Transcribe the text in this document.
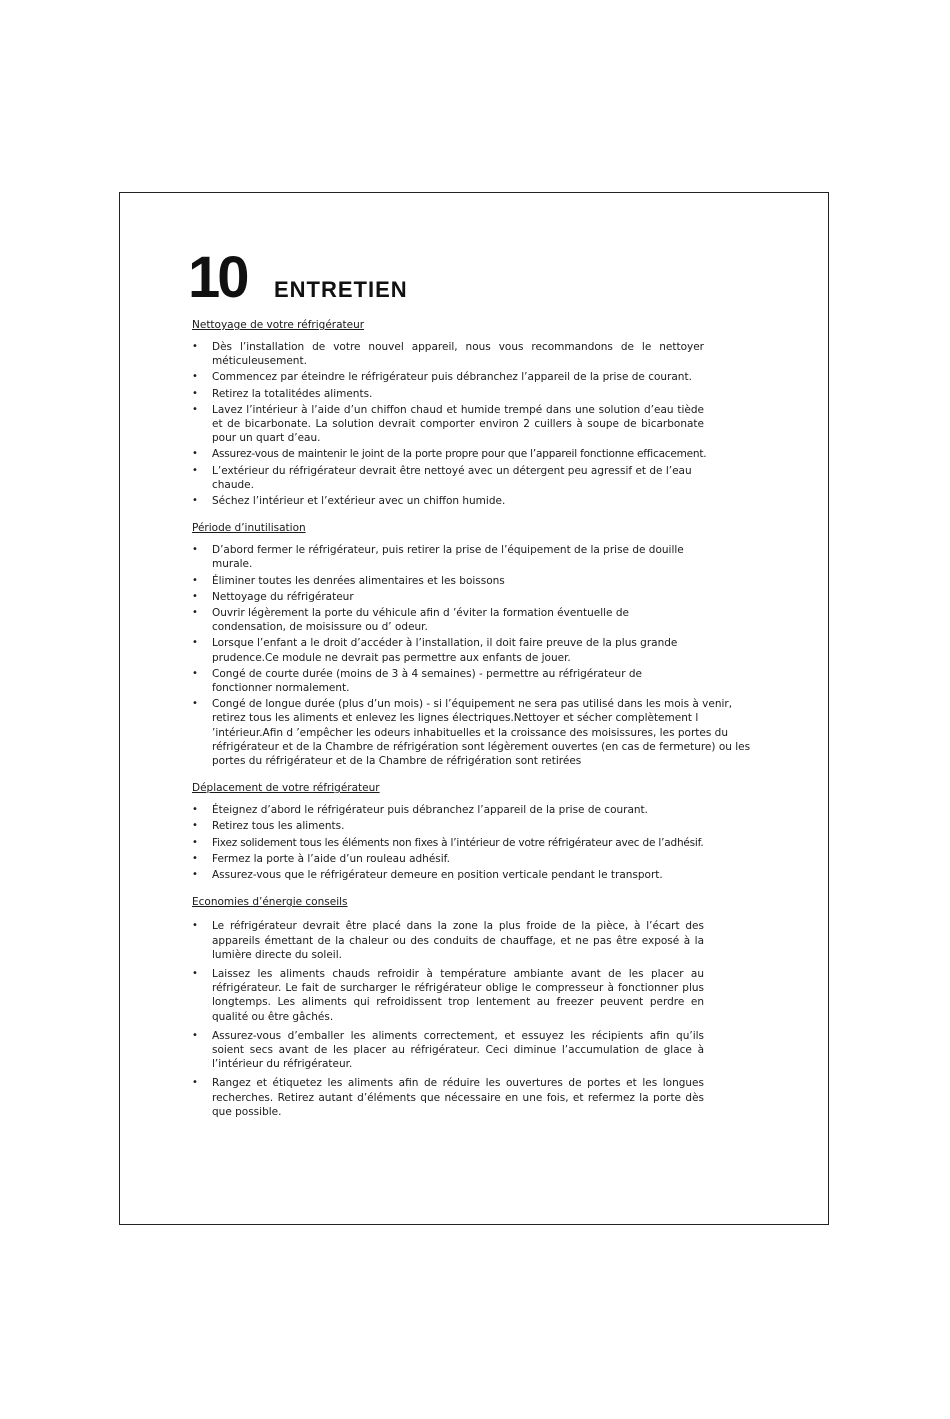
10 ENTRETIEN
Nettoyage de votre réfrigérateur
• Dès l’installation de votre nouvel appareil, nous vous recommandons de le nettoyer méticuleusement.
• Commencez par éteindre le réfrigérateur puis débranchez l’appareil de la prise de courant.
• Retirez la totalitédes aliments.
• Lavez l’intérieur à l’aide d’un chiffon chaud et humide trempé dans une solution d’eau tiède et de bicarbonate. La solution devrait comporter environ 2 cuillers à soupe de bicarbonate pour un quart d’eau.
• Assurez-vous de maintenir le joint de la porte propre pour que l’appareil fonctionne efficacement.
• L’extérieur du réfrigérateur devrait être nettoyé avec un détergent peu agressif et de l’eau chaude.
• Séchez l’intérieur et l’extérieur avec un chiffon humide.
Période d’inutilisation
• D’abord fermer le réfrigérateur, puis retirer la prise de l’équipement de la prise de douille murale.
• Éliminer toutes les denrées alimentaires et les boissons
• Nettoyage du réfrigérateur
• Ouvrir légèrement la porte du véhicule afin d ’éviter la formation éventuelle de condensation, de moisissure ou d’ odeur.
• Lorsque l’enfant a le droit d’accéder à l’installation, il doit faire preuve de la plus grande prudence.Ce module ne devrait pas permettre aux enfants de jouer.
• Congé de courte durée (moins de 3 à 4 semaines) - permettre au réfrigérateur de fonctionner normalement.
• Congé de longue durée (plus d’un mois) - si l’équipement ne sera pas utilisé dans les mois à venir, retirez tous les aliments et enlevez les lignes électriques.Nettoyer et sécher complètement l ’intérieur.Afin d ’empêcher les odeurs inhabituelles et la croissance des moisissures, les portes du réfrigérateur et de la Chambre de réfrigération sont légèrement ouvertes (en cas de fermeture) ou les portes du réfrigérateur et de la Chambre de réfrigération sont retirées
Déplacement de votre réfrigérateur
• Éteignez d’abord le réfrigérateur puis débranchez l’appareil de la prise de courant.
• Retirez tous les aliments.
• Fixez solidement tous les éléments non fixes à l’intérieur de votre réfrigérateur avec de l’adhésif.
• Fermez la porte à l’aide d’un rouleau adhésif.
• Assurez-vous que le réfrigérateur demeure en position verticale pendant le transport.
Economies d’énergie conseils
• Le réfrigérateur devrait être placé dans la zone la plus froide de la pièce, à l’écart des appareils émettant de la chaleur ou des conduits de chauffage, et ne pas être exposé à la lumière directe du soleil.
• Laissez les aliments chauds refroidir à température ambiante avant de les placer au réfrigérateur. Le fait de surcharger le réfrigérateur oblige le compresseur à fonctionner plus longtemps. Les aliments qui refroidissent trop lentement au freezer peuvent perdre en qualité ou être gâchés.
• Assurez-vous d’emballer les aliments correctement, et essuyez les récipients afin qu’ils soient secs avant de les placer au réfrigérateur. Ceci diminue l’accumulation de glace à l’intérieur du réfrigérateur.
• Rangez et étiquetez les aliments afin de réduire les ouvertures de portes et les longues recherches. Retirez autant d’éléments que nécessaire en une fois, et refermez la porte dès que possible.
